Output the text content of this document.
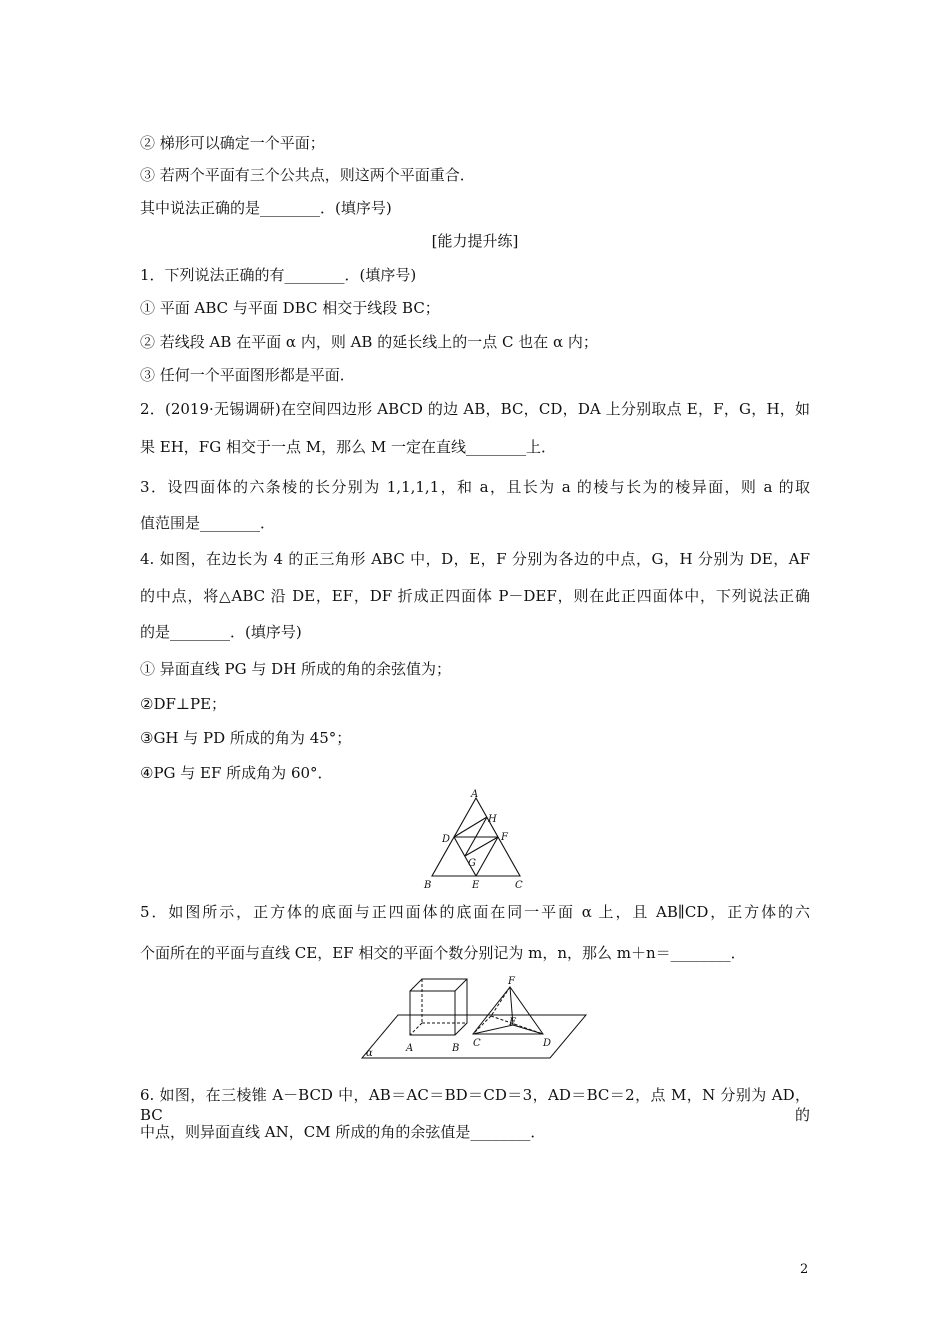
② 梯形可以确定一个平面；
③ 若两个平面有三个公共点，则这两个平面重合．
其中说法正确的是________．(填序号)
[能力提升练]
1．下列说法正确的有________．(填序号)
① 平面 ABC 与平面 DBC 相交于线段 BC；
② 若线段 AB 在平面 α 内，则 AB 的延长线上的一点 C 也在 α 内；
③ 任何一个平面图形都是平面．
2．(2019·无锡调研)在空间四边形 ABCD 的边 AB，BC，CD，DA 上分别取点 E，F，G，H，如
果 EH，FG 相交于一点 M，那么 M 一定在直线________上．
3．设四面体的六条棱的长分别为 1,1,1,1，和 a，且长为 a 的棱与长为的棱异面，则 a 的取
值范围是________．
4. 如图，在边长为 4 的正三角形 ABC 中，D，E，F 分别为各边的中点，G，H 分别为 DE，AF
的中点，将△ABC 沿 DE，EF，DF 折成正四面体 P－DEF，则在此正四面体中，下列说法正确
的是________．(填序号)
① 异面直线 PG 与 DH 所成的角的余弦值为；
②DF⊥PE；
③GH 与 PD 所成的角为 45°；
④PG 与 EF 所成角为 60°．
A
B	C
D
E
F
G
H
5．如图所示，正方体的底面与正四面体的底面在同一平面 α 上，且 AB∥CD，正方体的六
个面所在的平面与直线 CE，EF 相交的平面个数分别记为 m，n，那么 m＋n＝________．
α	A	B C	D
E
F
6. 如图，在三棱锥 A－BCD 中，AB＝AC＝BD＝CD＝3，AD＝BC＝2，点 M，N 分别为 AD，BC 的
中点，则异面直线 AN，CM 所成的角的余弦值是________．
2
